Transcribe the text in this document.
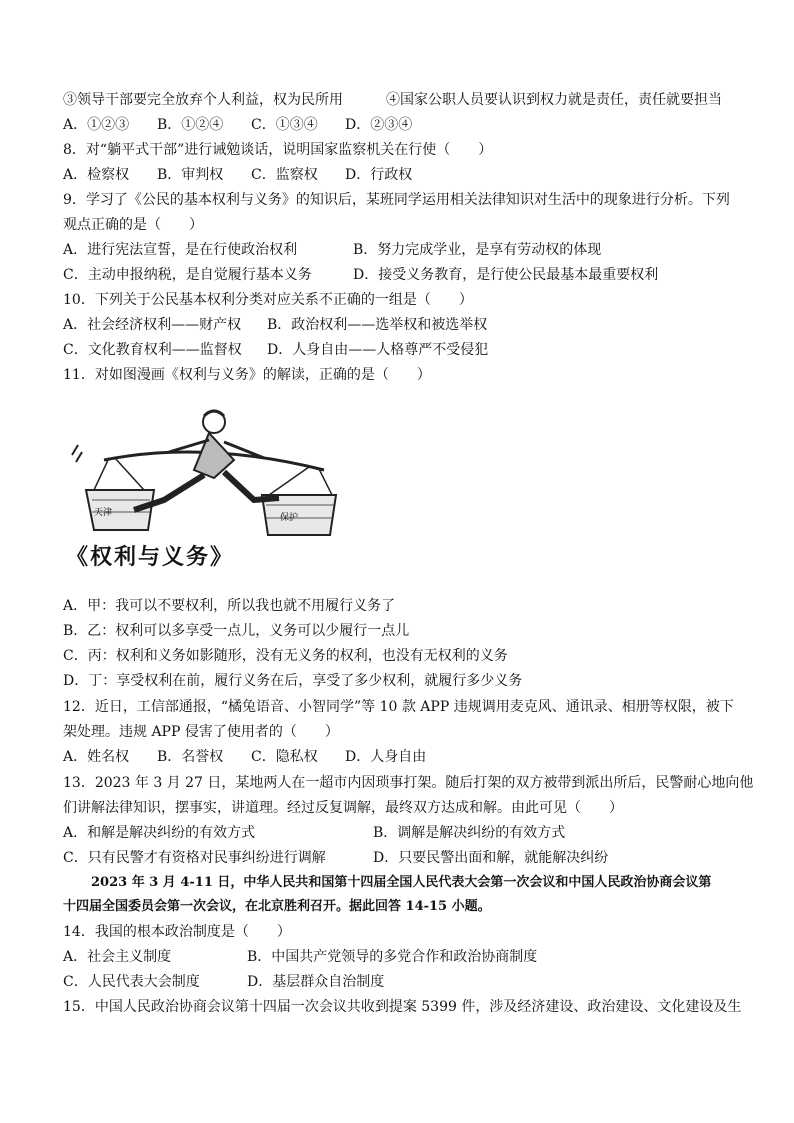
③领导干部要完全放弃个人利益，权为民所用	④国家公职人员要认识到权力就是责任，责任就要担当
A．①②③ B．①②④ C．①③④ D．②③④
8．对“躺平式干部”进行诫勉谈话，说明国家监察机关在行使（　　）
A．检察权 B．审判权 C．监察权 D．行政权
9．学习了《公民的基本权利与义务》的知识后，某班同学运用相关法律知识对生活中的现象进行分析。下列
观点正确的是（　　）
A．进行宪法宣誓，是在行使政治权利	B．努力完成学业，是享有劳动权的体现
C．主动申报纳税，是自觉履行基本义务	D．接受义务教育，是行使公民最基本最重要权利
10．下列关于公民基本权利分类对应关系不正确的一组是（　　）
A．社会经济权利——财产权 B．政治权利——选举权和被选举权
C．文化教育权利——监督权 D．人身自由——人格尊严不受侵犯
11．对如图漫画《权利与义务》的解读，正确的是（　　）
天津	保护
《权利与义务》
A．甲：我可以不要权利，所以我也就不用履行义务了
B．乙：权利可以多享受一点儿，义务可以少履行一点儿
C．丙：权利和义务如影随形，没有无义务的权利，也没有无权利的义务
D．丁：享受权利在前，履行义务在后，享受了多少权利，就履行多少义务
12．近日，工信部通报，“橘兔语音、小智同学”等 10 款 APP 违规调用麦克风、通讯录、相册等权限，被下
架处理。违规 APP 侵害了使用者的（　　）
A．姓名权 B．名誉权 C．隐私权 D．人身自由
13．2023 年 3 月 27 日，某地两人在一超市内因琐事打架。随后打架的双方被带到派出所后，民警耐心地向他
们讲解法律知识，摆事实，讲道理。经过反复调解，最终双方达成和解。由此可见（　　）
A．和解是解决纠纷的有效方式	B．调解是解决纠纷的有效方式
C．只有民警才有资格对民事纠纷进行调解	D．只要民警出面和解，就能解决纠纷
2023 年 3 月 4-11 日，中华人民共和国第十四届全国人民代表大会第一次会议和中国人民政治协商会议第
十四届全国委员会第一次会议，在北京胜利召开。据此回答 14-15 小题。
14．我国的根本政治制度是（　　）
A．社会主义制度	B．中国共产党领导的多党合作和政治协商制度
C．人民代表大会制度	D．基层群众自治制度
15．中国人民政治协商会议第十四届一次会议共收到提案 5399 件，涉及经济建设、政治建设、文化建设及生
